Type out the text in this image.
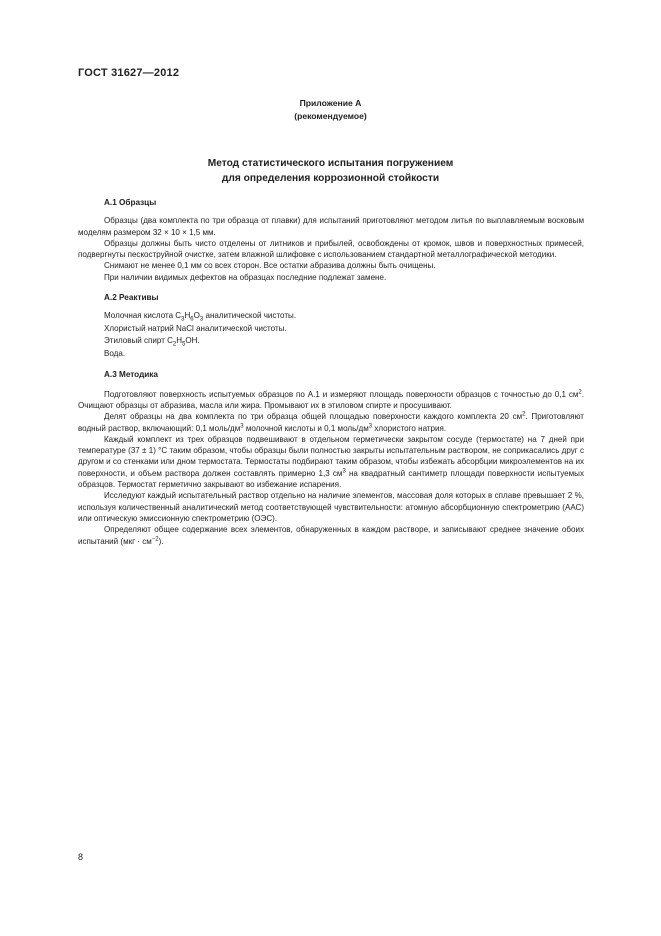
ГОСТ 31627—2012
Приложение А
(рекомендуемое)
Метод статистического испытания погружением
для определения коррозионной стойкости
А.1 Образцы

Образцы (два комплекта по три образца от плавки) для испытаний приготовляют методом литья по выплавляемым восковым моделям размером 32 × 10 × 1,5 мм.

Образцы должны быть чисто отделены от литников и прибылей, освобождены от кромок, швов и поверхностных примесей, подвергнуты пескоструйной очистке, затем влажной шлифовке с использованием стандартной металлографической методики.

Снимают не менее 0,1 мм со всех сторон. Все остатки абразива должны быть очищены.

При наличии видимых дефектов на образцах последние подлежат замене.

А.2 Реактивы

Молочная кислота $C_3H_6O_3$ аналитической чистоты.

Хлористый натрий NaCl аналитической чистоты.

Этиловый спирт $C_2H_5OH$.

Вода.

А.3 Методика

Подготовляют поверхность испытуемых образцов по А.1 и измеряют площадь поверхности образцов с точностью до 0,1 $см^2$. Очищают образцы от абразива, масла или жира. Промывают их в этиловом спирте и просушивают.

Делят образцы на два комплекта по три образца общей площадью поверхности каждого комплекта 20 $см^2$. Приготовляют водный раствор, включающий: 0,1 моль/$дм^3$ молочной кислоты и 0,1 моль/$дм^3$ хлористого натрия.

Каждый комплект из трех образцов подвешивают в отдельном герметически закрытом сосуде (термостате) на 7 дней при температуре (37 ± 1) °С таким образом, чтобы образцы были полностью закрыты испытательным раствором, не соприкасались друг с другом и со стенками или дном термостата. Термостаты подбирают таким образом, чтобы избежать абсорбции микроэлементов на их поверхности, и объем раствора должен составлять примерно 1,3 $см^3$ на квадратный сантиметр площади поверхности испытуемых образцов. Термостат герметично закрывают во избежание испарения.

Исследуют каждый испытательный раствор отдельно на наличие элементов, массовая доля которых в сплаве превышает 2 %, используя количественный аналитический метод соответствующей чувствительности: атомную абсорбционную спектрометрию (ААС) или оптическую эмиссионную спектрометрию (ОЭС).

Определяют общее содержание всех элементов, обнаруженных в каждом растворе, и записывают среднее значение обоих испытаний $(мкг \cdot см^{-2})$.

8
